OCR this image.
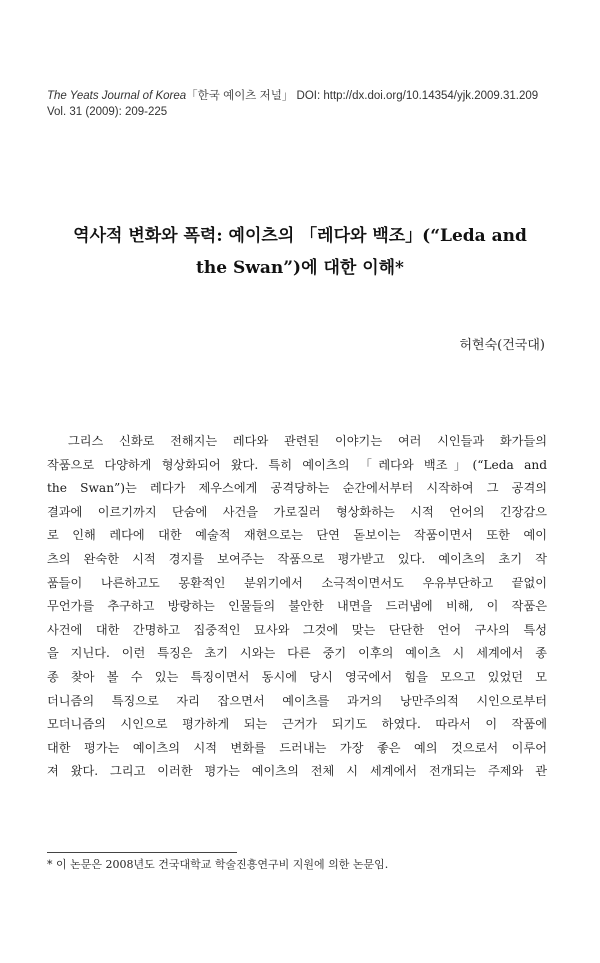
The Yeats Journal of Korea「한국 예이츠 저널」 DOI: http://dx.doi.org/10.14354/yjk.2009.31.209
Vol. 31 (2009): 209-225
역사적 변화와 폭력: 예이츠의 「레다와 백조」(“Leda and
the Swan”)에 대한 이해*
허현숙(건국대)
그리스 신화로 전해지는 레다와 관련된 이야기는 여러 시인들과 화가들의
작품으로 다양하게 형상화되어 왔다. 특히 예이츠의 「레다와 백조」(“Leda and
the Swan”)는 레다가 제우스에게 공격당하는 순간에서부터 시작하여 그 공격의
결과에 이르기까지 단숨에 사건을 가로질러 형상화하는 시적 언어의 긴장감으
로 인해 레다에 대한 예술적 재현으로는 단연 돋보이는 작품이면서 또한 예이
츠의 완숙한 시적 경지를 보여주는 작품으로 평가받고 있다. 예이츠의 초기 작
품들이 나른하고도 몽환적인 분위기에서 소극적이면서도 우유부단하고 끝없이
무언가를 추구하고 방랑하는 인물들의 불안한 내면을 드러냄에 비해, 이 작품은
사건에 대한 간명하고 집중적인 묘사와 그것에 맞는 단단한 언어 구사의 특성
을 지닌다. 이런 특징은 초기 시와는 다른 중기 이후의 예이츠 시 세계에서 종
종 찾아 볼 수 있는 특징이면서 동시에 당시 영국에서 힘을 모으고 있었던 모
더니즘의 특징으로 자리 잡으면서 예이츠를 과거의 낭만주의적 시인으로부터
모더니즘의 시인으로 평가하게 되는 근거가 되기도 하였다. 따라서 이 작품에
대한 평가는 예이츠의 시적 변화를 드러내는 가장 좋은 예의 것으로서 이루어
져 왔다. 그리고 이러한 평가는 예이츠의 전체 시 세계에서 전개되는 주제와 관
* 이 논문은 2008년도 건국대학교 학술진흥연구비 지원에 의한 논문임.
